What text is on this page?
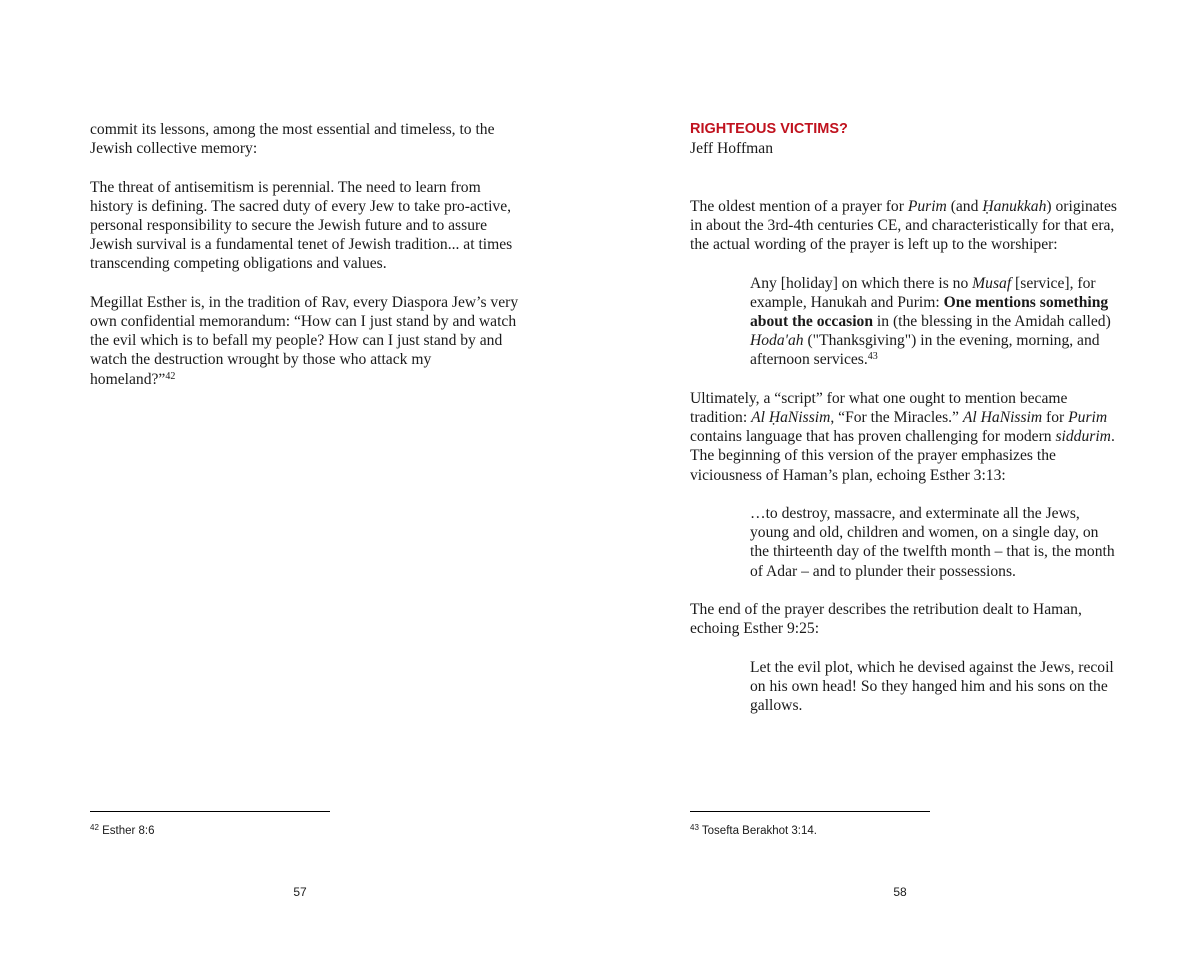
commit its lessons, among the most essential and timeless, to the Jewish collective memory:

The threat of antisemitism is perennial. The need to learn from history is defining. The sacred duty of every Jew to take pro-active, personal responsibility to secure the Jewish future and to assure Jewish survival is a fundamental tenet of Jewish tradition... at times transcending competing obligations and values.

Megillat Esther is, in the tradition of Rav, every Diaspora Jew’s very own confidential memorandum: “How can I just stand by and watch the evil which is to befall my people? How can I just stand by and watch the destruction wrought by those who attack my homeland?”$^{42}$

$^{42}$ Esther 8:6
57
RIGHTEOUS VICTIMS?
Jeff Hoffman

The oldest mention of a prayer for Purim (and Ḥanukkah) originates in about the 3rd-4th centuries CE, and characteristically for that era, the actual wording of the prayer is left up to the worshiper:

Any [holiday] on which there is no Musaf [service], for example, Hanukah and Purim: One mentions something about the occasion in (the blessing in the Amidah called) Hoda'ah ("Thanksgiving") in the evening, morning, and afternoon services.$^{43}$

Ultimately, a “script” for what one ought to mention became tradition: Al ḤaNissim, “For the Miracles.” Al HaNissim for Purim contains language that has proven challenging for modern siddurim. The beginning of this version of the prayer emphasizes the viciousness of Haman’s plan, echoing Esther 3:13:

…to destroy, massacre, and exterminate all the Jews, young and old, children and women, on a single day, on the thirteenth day of the twelfth month – that is, the month of Adar – and to plunder their possessions.

The end of the prayer describes the retribution dealt to Haman, echoing Esther 9:25:

Let the evil plot, which he devised against the Jews, recoil on his own head! So they hanged him and his sons on the gallows.

$^{43}$ Tosefta Berakhot 3:14.
58
